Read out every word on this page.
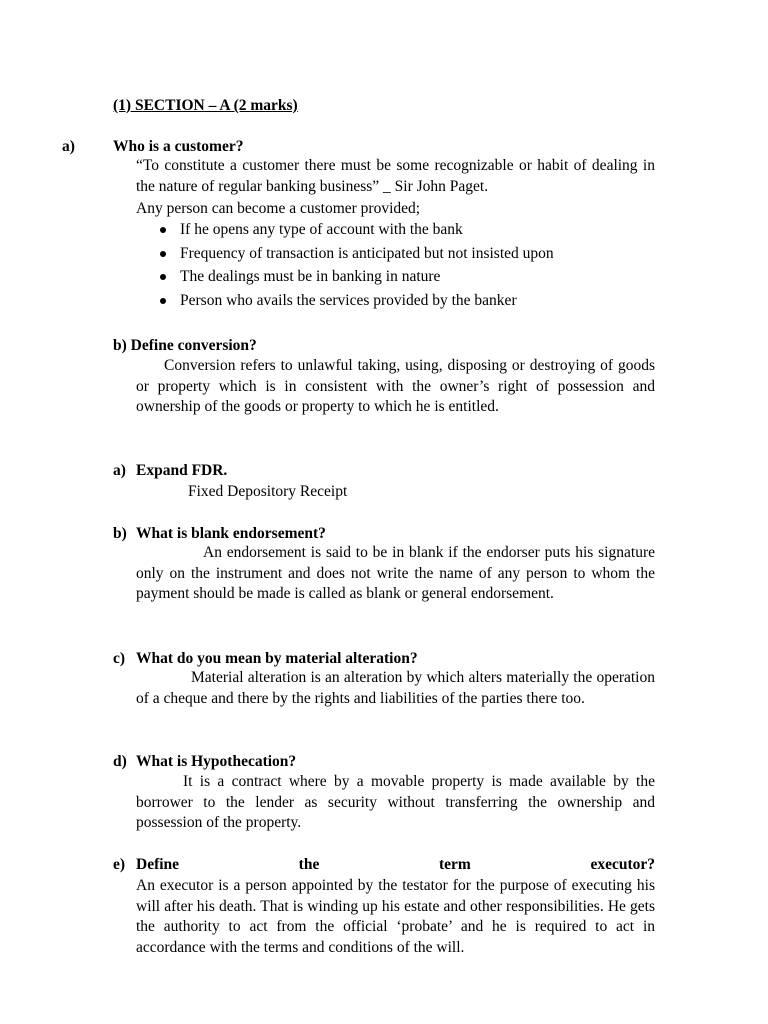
(1) SECTION – A (2 marks)
a) Who is a customer?
“To constitute a customer there must be some recognizable or habit of dealing in the nature of regular banking business” _ Sir John Paget.
Any person can become a customer provided;
If he opens any type of account with the bank
Frequency of transaction is anticipated but not insisted upon
The dealings must be in banking in nature
Person who avails the services provided by the banker
b) Define conversion?
Conversion refers to unlawful taking, using, disposing or destroying of goods or property which is in consistent with the owner’s right of possession and ownership of the goods or property to which he is entitled.
a) Expand FDR.
Fixed Depository Receipt
b) What is blank endorsement?
An endorsement is said to be in blank if the endorser puts his signature only on the instrument and does not write the name of any person to whom the payment should be made is called as blank or general endorsement.
c) What do you mean by material alteration?
Material alteration is an alteration by which alters materially the operation of a cheque and there by the rights and liabilities of the parties there too.
d) What is Hypothecation?
It is a contract where by a movable property is made available by the borrower to the lender as security without transferring the ownership and possession of the property.
e) Define	the	term	executor?
An executor is a person appointed by the testator for the purpose of executing his will after his death. That is winding up his estate and other responsibilities. He gets the authority to act from the official ‘probate’ and he is required to act in accordance with the terms and conditions of the will.
